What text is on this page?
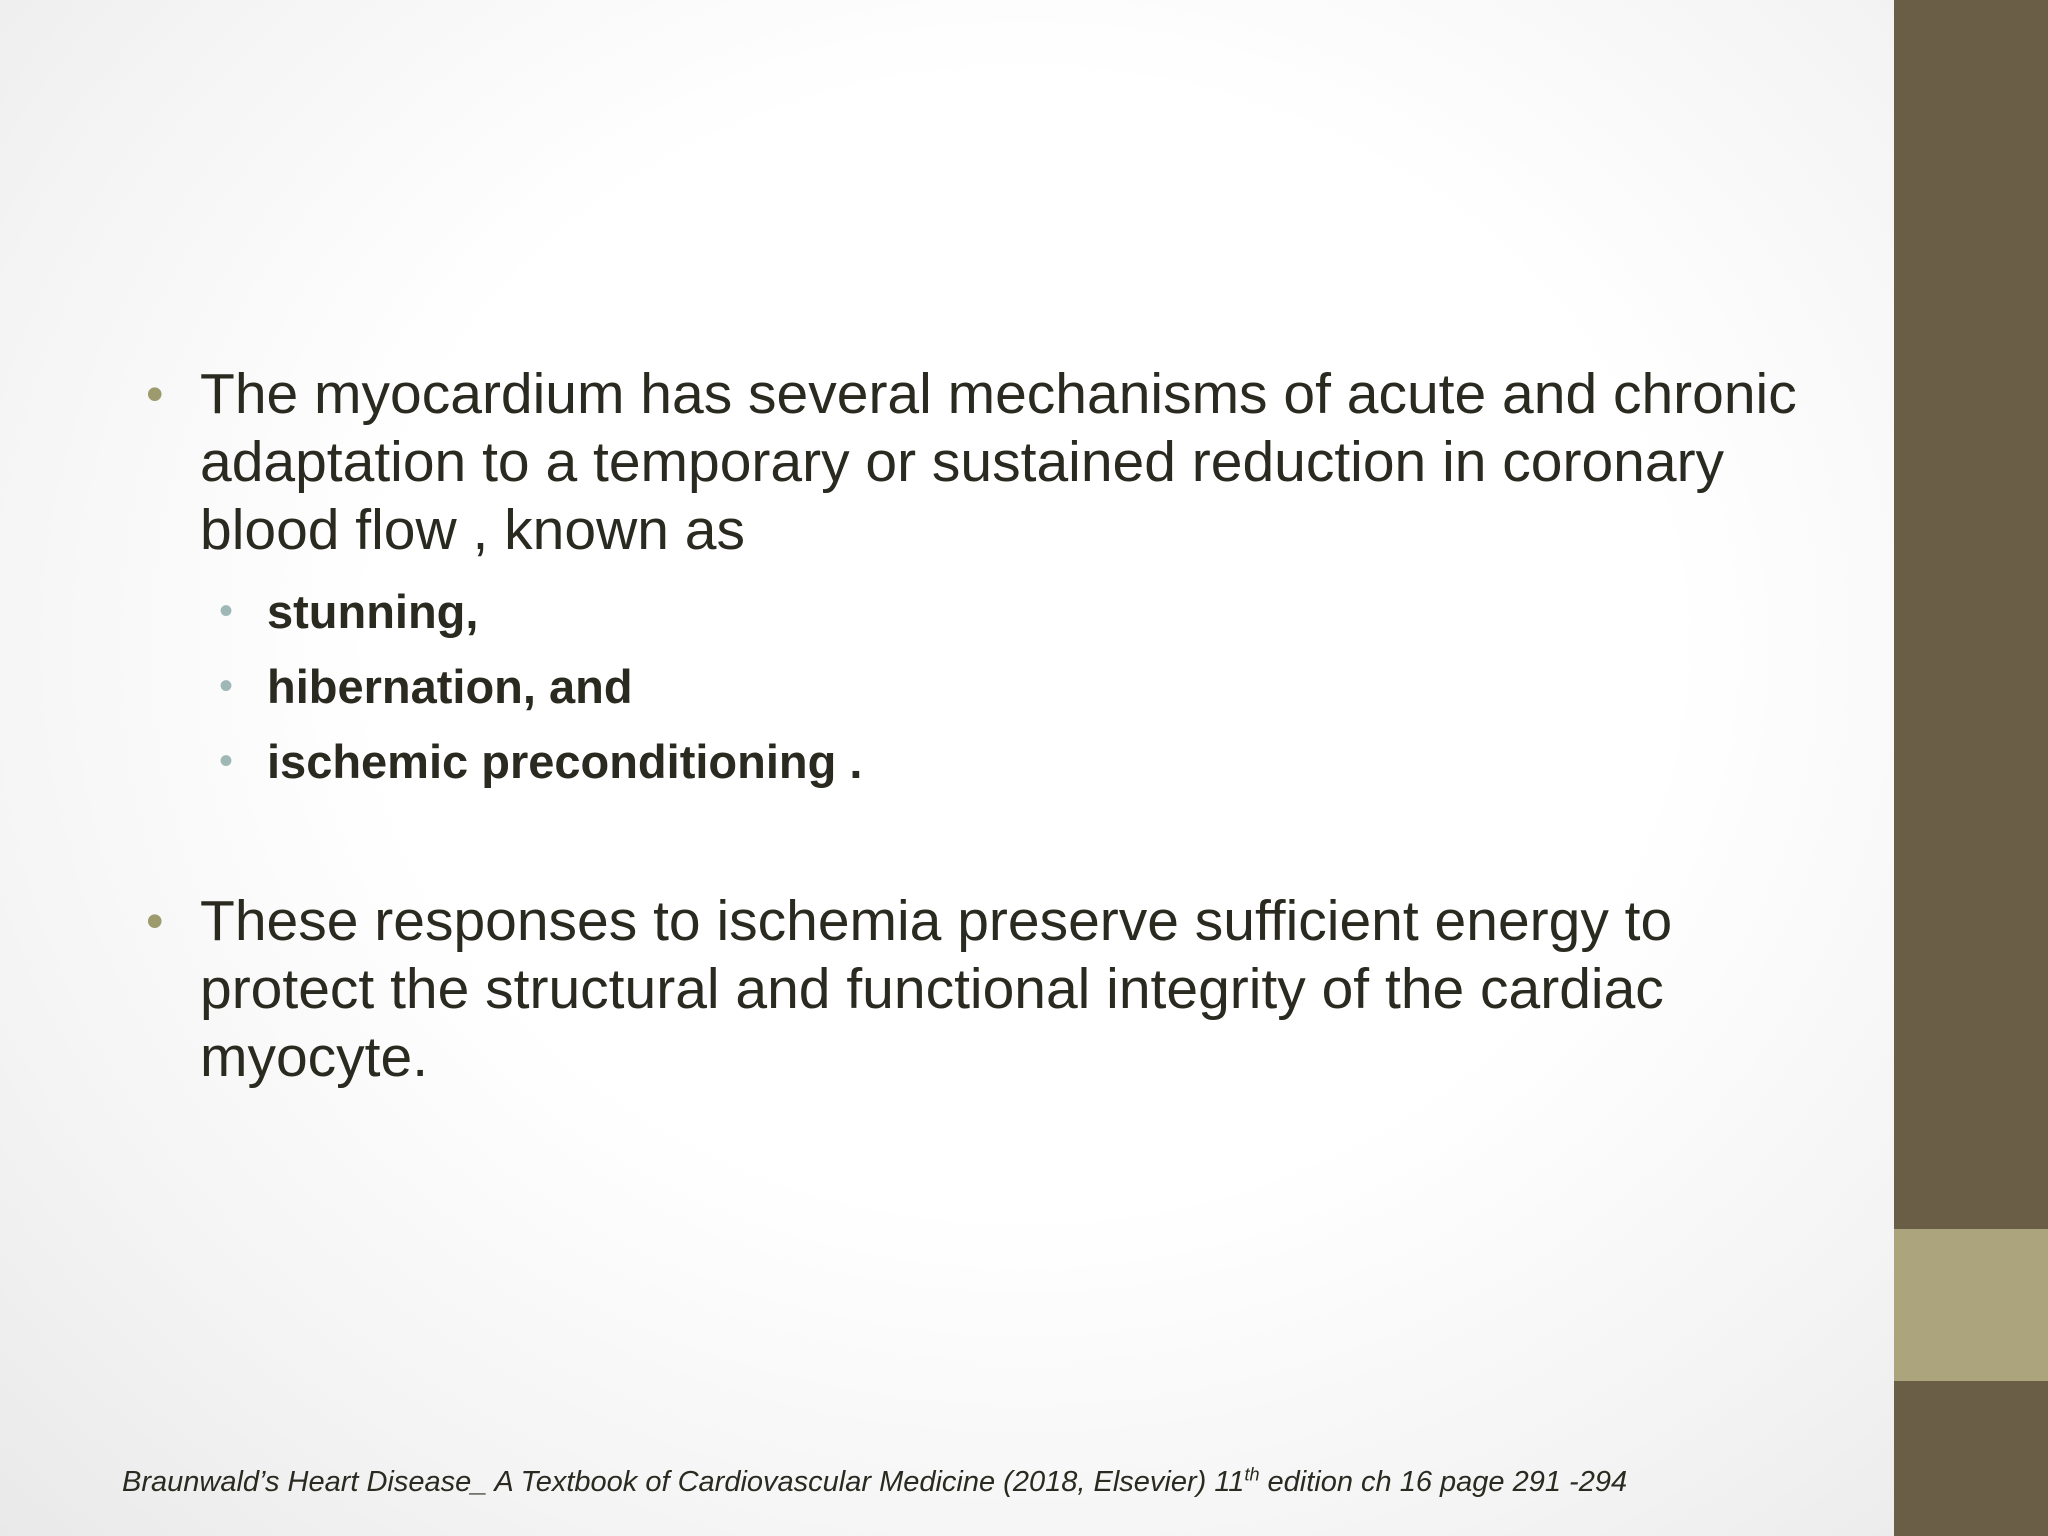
• The myocardium has several mechanisms of acute and chronic
adaptation to a temporary or sustained reduction in coronary
blood flow , known as
• stunning,
• hibernation, and
• ischemic preconditioning .
• These responses to ischemia preserve sufficient energy to
protect the structural and functional integrity of the cardiac
myocyte.
Braunwald’s Heart Disease_ A Textbook of Cardiovascular Medicine (2018, Elsevier) 11th edition ch 16 page 291 -294
